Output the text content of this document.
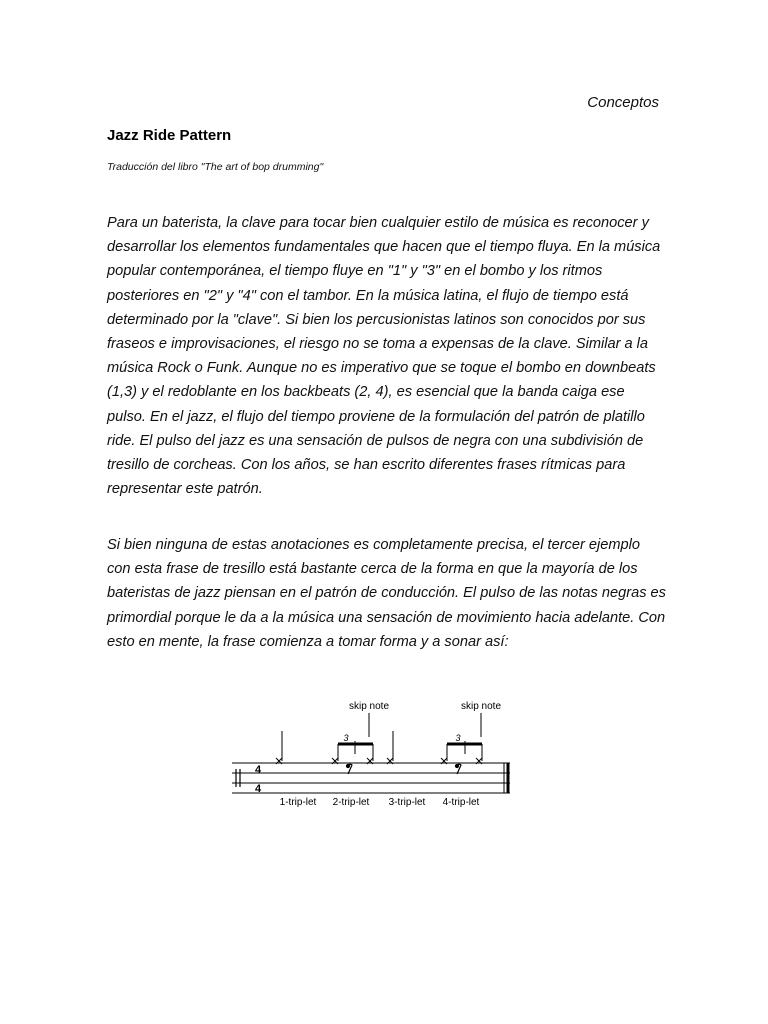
Conceptos
Jazz Ride Pattern
Traducción del libro "The art of bop drumming"

Para un baterista, la clave para tocar bien cualquier estilo de música es reconocer y desarrollar los elementos fundamentales que hacen que el tiempo fluya. En la música popular contemporánea, el tiempo fluye en "1" y "3" en el bombo y los ritmos posteriores en "2" y "4" con el tambor. En la música latina, el flujo de tiempo está determinado por la "clave". Si bien los percusionistas latinos son conocidos por sus fraseos e improvisaciones, el riesgo no se toma a expensas de la clave. Similar a la música Rock o Funk. Aunque no es imperativo que se toque el bombo en downbeats (1,3) y el redoblante en los backbeats (2, 4), es esencial que la banda caiga ese pulso. En el jazz, el flujo del tiempo proviene de la formulación del patrón de platillo ride. El pulso del jazz es una sensación de pulsos de negra con una subdivisión de tresillo de corcheas. Con los años, se han escrito diferentes frases rítmicas para representar este patrón.

Si bien ninguna de estas anotaciones es completamente precisa, el tercer ejemplo con esta frase de tresillo está bastante cerca de la forma en que la mayoría de los bateristas de jazz piensan en el patrón de conducción. El pulso de las notas negras es primordial porque le da a la música una sensación de movimiento hacia adelante. Con esto en mente, la frase comienza a tomar forma y a sonar así:

4
4
3	3
skip note	skip note
1-trip-let 2-trip-let 3-trip-let 4-trip-let
